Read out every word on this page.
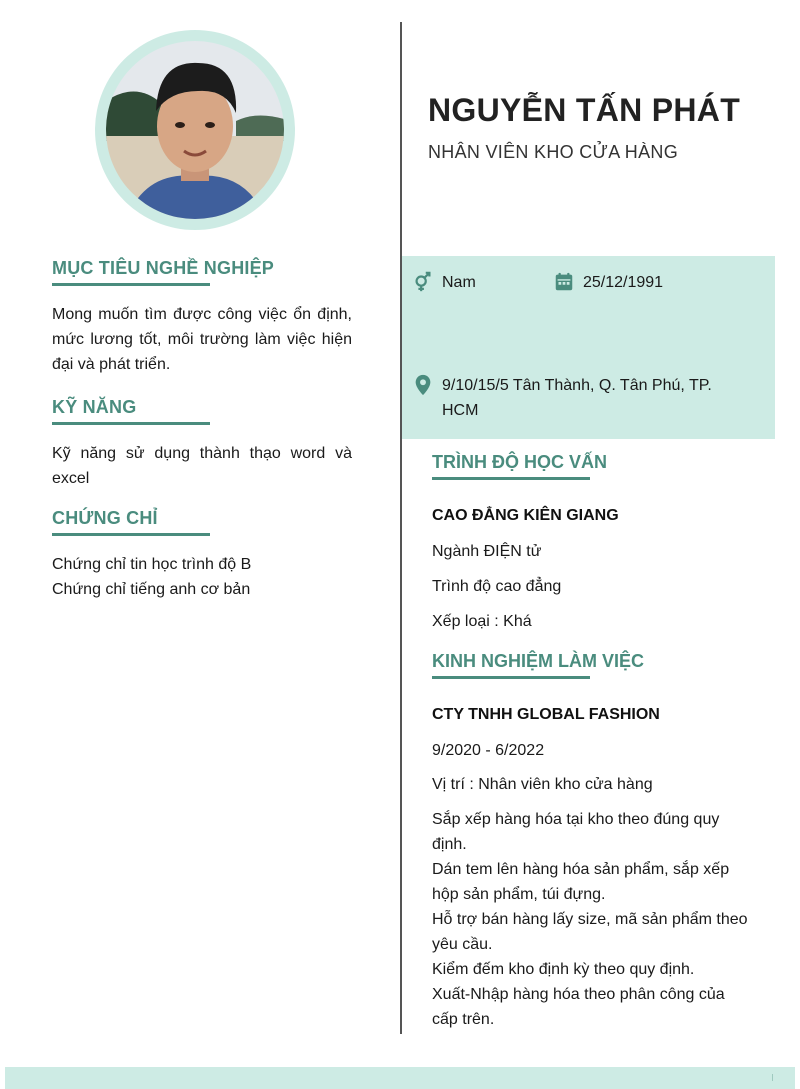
MỤC TIÊU NGHỀ NGHIỆP
Mong muốn tìm được công việc ổn định, mức lương tốt, môi trường làm việc hiện đại và phát triển.
KỸ NĂNG
Kỹ năng sử dụng thành thạo word và excel
CHỨNG CHỈ
Chứng chỉ tin học trình độ B
Chứng chỉ tiếng anh cơ bản
NGUYỄN TẤN PHÁT
NHÂN VIÊN KHO CỬA HÀNG
Nam	25/12/1991
9/10/15/5 Tân Thành, Q. Tân Phú, TP. HCM
TRÌNH ĐỘ HỌC VẤN
CAO ĐẲNG KIÊN GIANG
Ngành ĐIỆN tử
Trình độ cao đẳng
Xếp loại : Khá
KINH NGHIỆM LÀM VIỆC
CTY TNHH GLOBAL FASHION
9/2020 - 6/2022
Vị trí : Nhân viên kho cửa hàng
Sắp xếp hàng hóa tại kho theo đúng quy định.
Dán tem lên hàng hóa sản phẩm, sắp xếp hộp sản phẩm, túi đựng.
Hỗ trợ bán hàng lấy size, mã sản phẩm theo yêu cầu.
Kiểm đếm kho định kỳ theo quy định.
Xuất-Nhập hàng hóa theo phân công của cấp trên.
